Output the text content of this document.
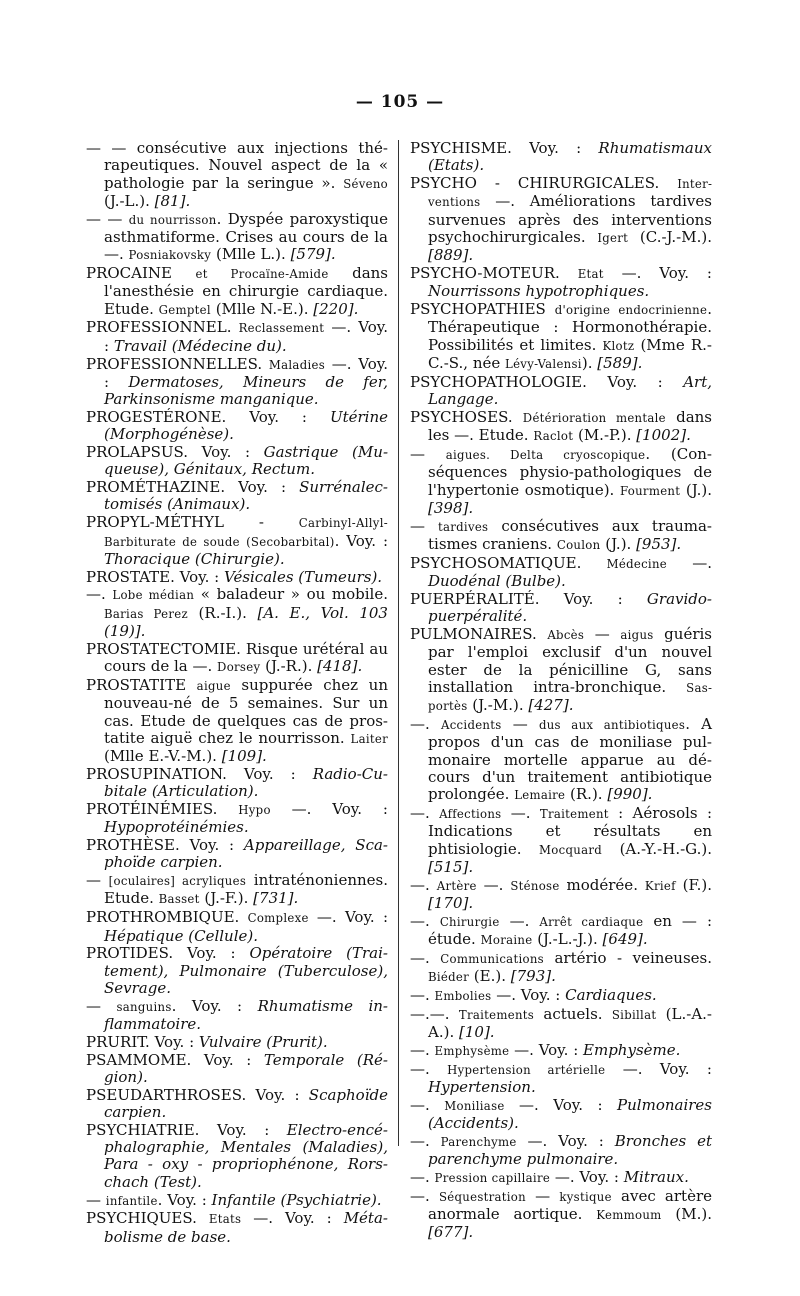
— 105 —

— — consécutive aux injections thérapeutiques. Nouvel aspect de la « pathologie par la seringue ». Séveno (J.-L.). [81].

— — du nourrisson. Dyspée paroxystique asthmatiforme. Crises au cours de la —. Posniakovsky (Mlle L.). [579].

PROCAINE et Procaïne-Amide dans l'anesthésie en chirurgie cardiaque. Etude. Gemptel (Mlle N.-E.). [220].

PROFESSIONNEL. Reclassement —. Voy. : Travail (Médecine du).

PROFESSIONNELLES. Maladies —. Voy. : Dermatoses, Mineurs de fer, Parkinsonisme manganique.

PROGESTÉRONE. Voy. : Utérine (Morphogénèse).

PROLAPSUS. Voy. : Gastrique (Muqueuse), Génitaux, Rectum.

PROMÉTHAZINE. Voy. : Surrénalectomisés (Animaux).

PROPYL-MÉTHYL - Carbinyl-Allyl-Barbiturate de soude (Secobarbital). Voy. : Thoracique (Chirurgie).

PROSTATE. Voy. : Vésicales (Tumeurs).

—. Lobe médian « baladeur » ou mobile. Barias Perez (R.-I.). [A. E., Vol. 103 (19)].

PROSTATECTOMIE. Risque urétéral au cours de la —. Dorsey (J.-R.). [418].

PROSTATITE aigue suppurée chez un nouveau-né de 5 semaines. Sur un cas. Etude de quelques cas de prostatite aiguë chez le nourrisson. Laiter (Mlle E.-V.-M.). [109].

PROSUPINATION. Voy. : Radio-Cubitale (Articulation).

PROTÉINÉMIES. Hypo —. Voy. : Hypoprotéinémies.

PROTHÈSE. Voy. : Appareillage, Scaphoïde carpien.

— [oculaires] acryliques intraténoniennes. Etude. Basset (J.-F.). [731].

PROTHROMBIQUE. Complexe —. Voy. : Hépatique (Cellule).

PROTIDES. Voy. : Opératoire (Traitement), Pulmonaire (Tuberculose), Sevrage.

— sanguins. Voy. : Rhumatisme inflammatoire.

PRURIT. Voy. : Vulvaire (Prurit).

PSAMMOME. Voy. : Temporale (Région).

PSEUDARTHROSES. Voy. : Scaphoïde carpien.

PSYCHIATRIE. Voy. : Electro-encéphalographie, Mentales (Maladies), Para - oxy - propriophénone, Rorschach (Test).

— infantile. Voy. : Infantile (Psychiatrie).

PSYCHIQUES. Etats —. Voy. : Métabolisme de base.

PSYCHISME. Voy. : Rhumatismaux (Etats).

PSYCHO - CHIRURGICALES. Interventions —. Améliorations tardives survenues après des interventions psychochirurgicales. Igert (C.-J.-M.). [889].

PSYCHO-MOTEUR. Etat —. Voy. : Nourrissons hypotrophiques.

PSYCHOPATHIES d'origine endocrinienne. Thérapeutique : Hormonothérapie. Possibilités et limites. Klotz (Mme R.-C.-S., née Lévy-Valensi). [589].

PSYCHOPATHOLOGIE. Voy. : Art, Langage.

PSYCHOSES. Détérioration mentale dans les —. Etude. Raclot (M.-P.). [1002].

— aigues. Delta cryoscopique. (Conséquences physio-pathologiques de l'hypertonie osmotique). Fourment (J.). [398].

— tardives consécutives aux traumatismes craniens. Coulon (J.). [953].

PSYCHOSOMATIQUE. Médecine —. Duodénal (Bulbe).

PUERPÉRALITÉ. Voy. : Gravido-puerpéralité.

PULMONAIRES. Abcès — aigus guéris par l'emploi exclusif d'un nouvel ester de la pénicilline G, sans installation intra-bronchique. Sasportès (J.-M.). [427].

—. Accidents — dus aux antibiotiques. A propos d'un cas de moniliase pulmonaire mortelle apparue au décours d'un traitement antibiotique prolongée. Lemaire (R.). [990].

—. Affections —. Traitement : Aérosols : Indications et résultats en phtisiologie. Mocquard (A.-Y.-H.-G.). [515].

—. Artère —. Sténose modérée. Krief (F.). [170].

—. Chirurgie —. Arrêt cardiaque en — : étude. Moraine (J.-L.-J.). [649].

—. Communications artério - veineuses. Biéder (E.). [793].

—. Embolies —. Voy. : Cardiaques.

—.—. Traitements actuels. Sibillat (L.-A.-A.). [10].

—. Emphysème —. Voy. : Emphysème.

—. Hypertension artérielle —. Voy. : Hypertension.

—. Moniliase —. Voy. : Pulmonaires (Accidents).

—. Parenchyme —. Voy. : Bronches et parenchyme pulmonaire.

—. Pression capillaire —. Voy. : Mitraux.

—. Séquestration — kystique avec artère anormale aortique. Kemmoum (M.). [677].
